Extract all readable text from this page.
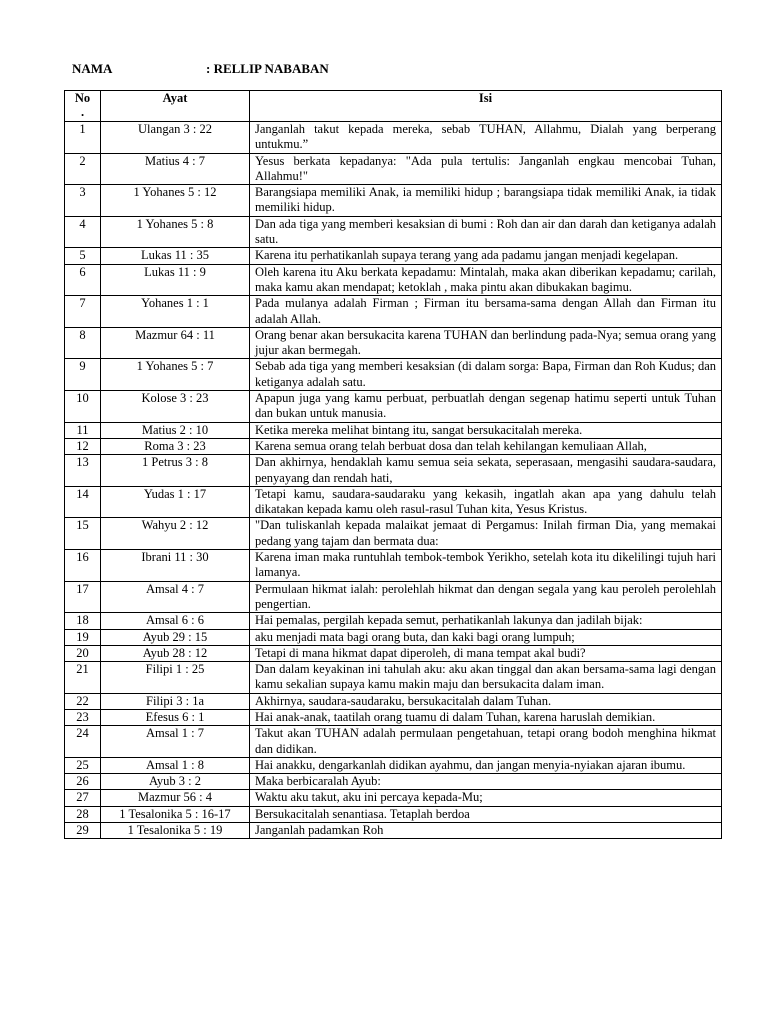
NAMA	: RELLIP NABABAN
No
.	Ayat	Isi
1	Ulangan 3 : 22	Janganlah takut kepada mereka, sebab TUHAN, Allahmu, Dialah yang berperang untukmu.”
2	Matius 4 : 7	Yesus berkata kepadanya: "Ada pula tertulis: Janganlah engkau mencobai Tuhan, Allahmu!"
3	1 Yohanes 5 : 12	Barangsiapa memiliki Anak, ia memiliki hidup ; barangsiapa tidak memiliki Anak, ia tidak memiliki hidup.
4	1 Yohanes 5 : 8	Dan ada tiga yang memberi kesaksian di bumi : Roh dan air dan darah dan ketiganya adalah satu.
5	Lukas 11 : 35	Karena itu perhatikanlah supaya terang yang ada padamu jangan menjadi kegelapan.
6	Lukas 11 : 9	Oleh karena itu Aku berkata kepadamu: Mintalah, maka akan diberikan kepadamu; carilah, maka kamu akan mendapat; ketoklah , maka pintu akan dibukakan bagimu.
7	Yohanes 1 : 1	Pada mulanya adalah Firman ; Firman itu bersama-sama dengan Allah dan Firman itu adalah Allah.
8	Mazmur 64 : 11	Orang benar akan bersukacita karena TUHAN dan berlindung pada-Nya; semua orang yang jujur akan bermegah.
9	1 Yohanes 5 : 7	Sebab ada tiga yang memberi kesaksian (di dalam sorga: Bapa, Firman dan Roh Kudus; dan ketiganya adalah satu.
10	Kolose 3 : 23	Apapun juga yang kamu perbuat, perbuatlah dengan segenap hatimu seperti untuk Tuhan dan bukan untuk manusia.
11	Matius 2 : 10	Ketika mereka melihat bintang itu, sangat bersukacitalah mereka.
12	Roma 3 : 23	Karena semua orang telah berbuat dosa dan telah kehilangan kemuliaan Allah,
13	1 Petrus 3 : 8	Dan akhirnya, hendaklah kamu semua seia sekata, seperasaan, mengasihi saudara-saudara, penyayang dan rendah hati,
14	Yudas 1 : 17	Tetapi kamu, saudara-saudaraku yang kekasih, ingatlah akan apa yang dahulu telah dikatakan kepada kamu oleh rasul-rasul Tuhan kita, Yesus Kristus.
15	Wahyu 2 : 12	"Dan tuliskanlah kepada malaikat jemaat di Pergamus: Inilah firman Dia, yang memakai pedang yang tajam dan bermata dua:
16	Ibrani 11 : 30	Karena iman maka runtuhlah tembok-tembok Yerikho, setelah kota itu dikelilingi tujuh hari lamanya.
17	Amsal 4 : 7	Permulaan hikmat ialah: perolehlah hikmat dan dengan segala yang kau peroleh perolehlah pengertian.
18	Amsal 6 : 6	Hai pemalas, pergilah kepada semut, perhatikanlah lakunya dan jadilah bijak:
19	Ayub 29 : 15	aku menjadi mata bagi orang buta, dan kaki bagi orang lumpuh;
20	Ayub 28 : 12	Tetapi di mana hikmat dapat diperoleh, di mana tempat akal budi?
21	Filipi 1 : 25	Dan dalam keyakinan ini tahulah aku: aku akan tinggal dan akan bersama-sama lagi dengan kamu sekalian supaya kamu makin maju dan bersukacita dalam iman.
22	Filipi 3 : 1a	Akhirnya, saudara-saudaraku, bersukacitalah dalam Tuhan.
23	Efesus 6 : 1	Hai anak-anak, taatilah orang tuamu di dalam Tuhan, karena haruslah demikian.
24	Amsal 1 : 7	Takut akan TUHAN adalah permulaan pengetahuan, tetapi orang bodoh menghina hikmat dan didikan.
25	Amsal 1 : 8	Hai anakku, dengarkanlah didikan ayahmu, dan jangan menyia-nyiakan ajaran ibumu.
26	Ayub 3 : 2	Maka berbicaralah Ayub:
27	Mazmur 56 : 4	Waktu aku takut, aku ini percaya kepada-Mu;
28	1 Tesalonika 5 : 16-17	Bersukacitalah senantiasa. Tetaplah berdoa
29	1 Tesalonika 5 : 19	Janganlah padamkan Roh
